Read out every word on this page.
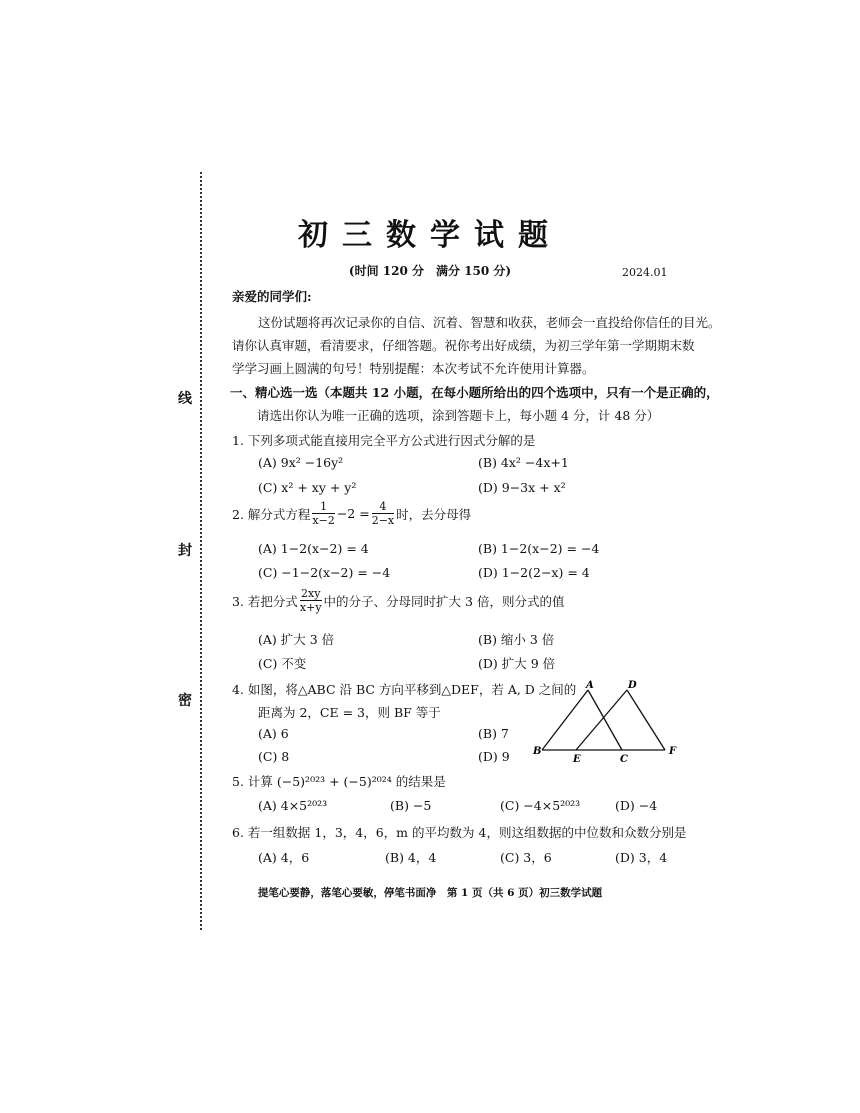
线
封
密
初三数学试题
(时间 120 分　满分 150 分)	2024.01
亲爱的同学们:
这份试题将再次记录你的自信、沉着、智慧和收获，老师会一直投给你信任的目光。
请你认真审题，看清要求，仔细答题。祝你考出好成绩，为初三学年第一学期期末数
学学习画上圆满的句号！特别提醒：本次考试不允许使用计算器。
一、精心选一选（本题共 12 小题，在每小题所给出的四个选项中，只有一个是正确的，
请选出你认为唯一正确的选项，涂到答题卡上，每小题 4 分，计 48 分）
1. 下列多项式能直接用完全平方公式进行因式分解的是
(A) 9x² −16y²	(B) 4x² −4x+1
(C) x² + xy + y²	(D) 9−3x + x²
2. 解分式方程 $\frac{1}{x-2} -2 = \frac{4}{2-x}$ 时，去分母得
(A) 1−2(x−2) = 4	(B) 1−2(x−2) = −4
(C) −1−2(x−2) = −4	(D) 1−2(2−x) = 4
3. 若把分式 $\frac{2xy}{x+y}$ 中的分子、分母同时扩大 3 倍，则分式的值
(A) 扩大 3 倍	(B) 缩小 3 倍
(C) 不变	(D) 扩大 9 倍
4. 如图，将△ABC 沿 BC 方向平移到△DEF，若 A, D 之间的
距离为 2，CE = 3，则 BF 等于
(A) 6	(B) 7
(C) 8	(D) 9
A	D
B
E	C
F
5. 计算 (−5)²⁰²³ + (−5)²⁰²⁴ 的结果是
(A) 4×5²⁰²³	(B) −5	(C) −4×5²⁰²³	(D) −4
6. 若一组数据 1，3，4，6，m 的平均数为 4，则这组数据的中位数和众数分别是
(A) 4，6	(B) 4，4	(C) 3，6	(D) 3，4
提笔心要静，落笔心要敏，停笔书面净　第 1 页（共 6 页）初三数学试题
